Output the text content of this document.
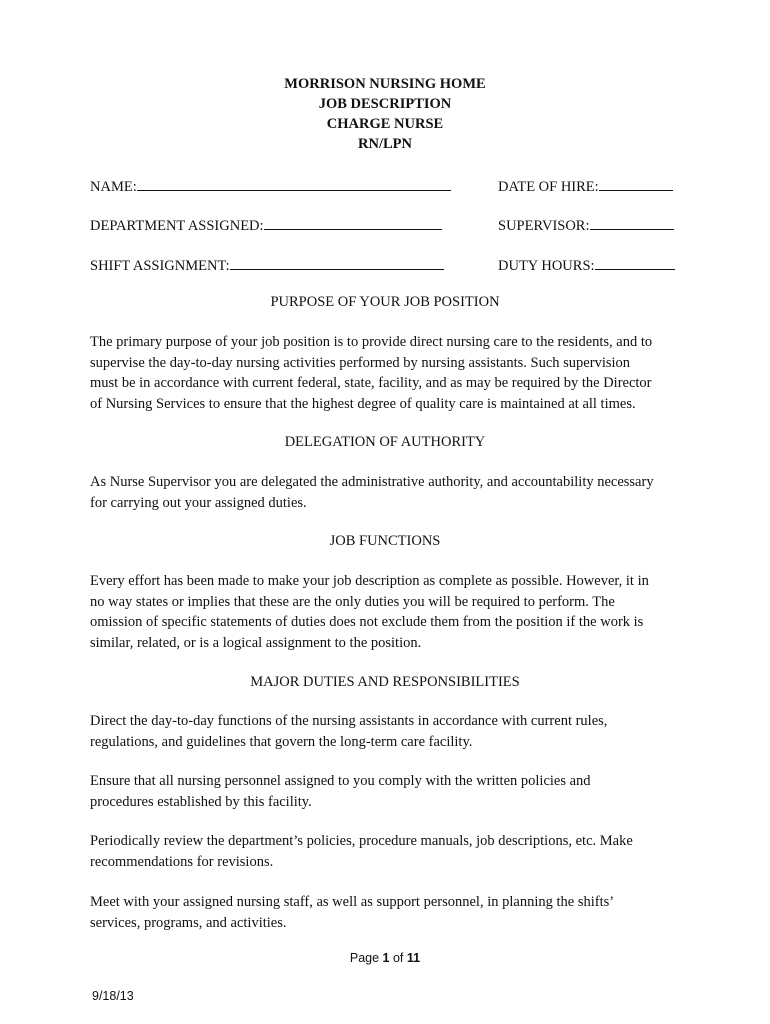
MORRISON NURSING HOME
JOB DESCRIPTION
CHARGE NURSE
RN/LPN
NAME:	DATE OF HIRE:
DEPARTMENT ASSIGNED:	SUPERVISOR:
SHIFT ASSIGNMENT:	DUTY HOURS:
PURPOSE OF YOUR JOB POSITION
The primary purpose of your job position is to provide direct nursing care to the residents, and to
supervise the day-to-day nursing activities performed by nursing assistants. Such supervision
must be in accordance with current federal, state, facility, and as may be required by the Director
of Nursing Services to ensure that the highest degree of quality care is maintained at all times.
DELEGATION OF AUTHORITY
As Nurse Supervisor you are delegated the administrative authority, and accountability necessary
for carrying out your assigned duties.
JOB FUNCTIONS
Every effort has been made to make your job description as complete as possible. However, it in
no way states or implies that these are the only duties you will be required to perform. The
omission of specific statements of duties does not exclude them from the position if the work is
similar, related, or is a logical assignment to the position.
MAJOR DUTIES AND RESPONSIBILITIES
Direct the day-to-day functions of the nursing assistants in accordance with current rules,
regulations, and guidelines that govern the long-term care facility.
Ensure that all nursing personnel assigned to you comply with the written policies and
procedures established by this facility.
Periodically review the department’s policies, procedure manuals, job descriptions, etc. Make
recommendations for revisions.
Meet with your assigned nursing staff, as well as support personnel, in planning the shifts’
services, programs, and activities.
Page 1 of 11
9/18/13
